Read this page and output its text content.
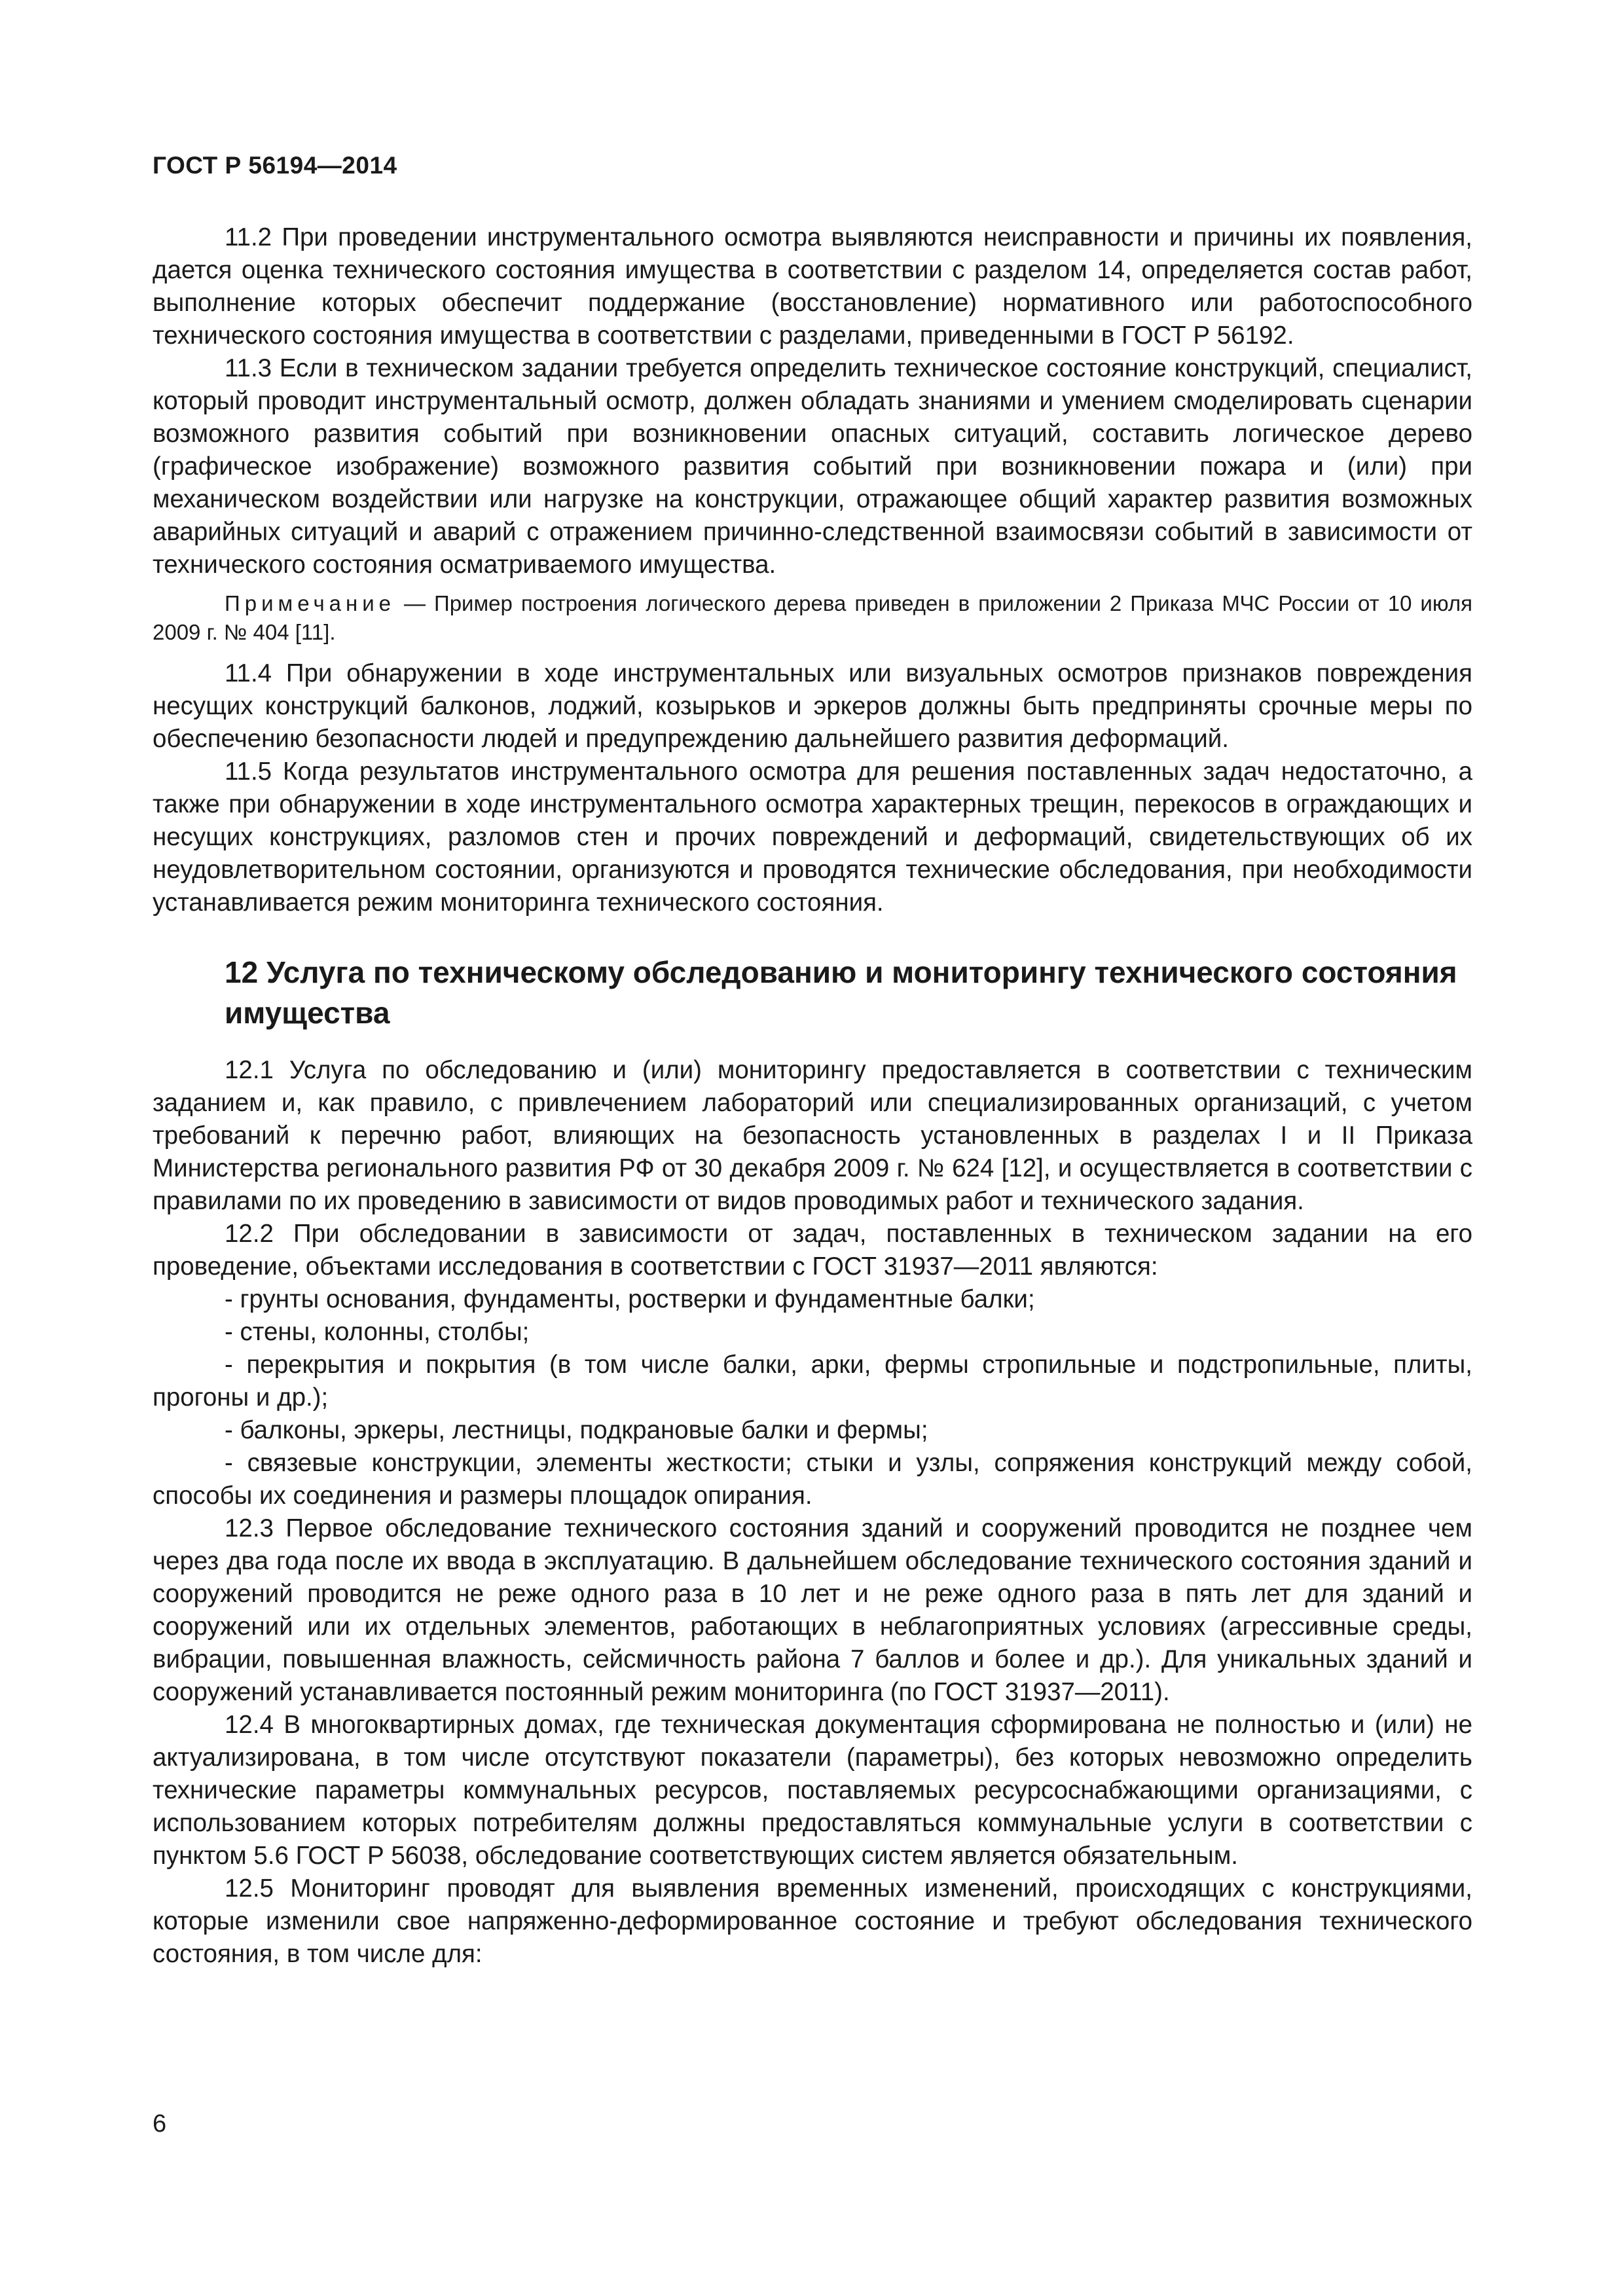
ГОСТ Р 56194—2014

11.2 При проведении инструментального осмотра выявляются неисправности и причины их появления, дается оценка технического состояния имущества в соответствии с разделом 14, определяется состав работ, выполнение которых обеспечит поддержание (восстановление) нормативного или работоспособного технического состояния имущества в соответствии с разделами, приведенными в ГОСТ Р 56192.

11.3 Если в техническом задании требуется определить техническое состояние конструкций, специалист, который проводит инструментальный осмотр, должен обладать знаниями и умением смоделировать сценарии возможного развития событий при возникновении опасных ситуаций, составить логическое дерево (графическое изображение) возможного развития событий при возникновении пожара и (или) при механическом воздействии или нагрузке на конструкции, отражающее общий характер развития возможных аварийных ситуаций и аварий с отражением причинно-следственной взаимосвязи событий в зависимости от технического состояния осматриваемого имущества.

Примечание — Пример построения логического дерева приведен в приложении 2 Приказа МЧС России от 10 июля 2009 г. № 404 [11].

11.4 При обнаружении в ходе инструментальных или визуальных осмотров признаков повреждения несущих конструкций балконов, лоджий, козырьков и эркеров должны быть предприняты срочные меры по обеспечению безопасности людей и предупреждению дальнейшего развития деформаций.

11.5 Когда результатов инструментального осмотра для решения поставленных задач недостаточно, а также при обнаружении в ходе инструментального осмотра характерных трещин, перекосов в ограждающих и несущих конструкциях, разломов стен и прочих повреждений и деформаций, свидетельствующих об их неудовлетворительном состоянии, организуются и проводятся технические обследования, при необходимости устанавливается режим мониторинга технического состояния.

12 Услуга по техническому обследованию и мониторингу технического состояния имущества

12.1 Услуга по обследованию и (или) мониторингу предоставляется в соответствии с техническим заданием и, как правило, с привлечением лабораторий или специализированных организаций, с учетом требований к перечню работ, влияющих на безопасность установленных в разделах I и II Приказа Министерства регионального развития РФ от 30 декабря 2009 г. № 624 [12], и осуществляется в соответствии с правилами по их проведению в зависимости от видов проводимых работ и технического задания.

12.2 При обследовании в зависимости от задач, поставленных в техническом задании на его проведение, объектами исследования в соответствии с ГОСТ 31937—2011 являются:

- грунты основания, фундаменты, ростверки и фундаментные балки;

- стены, колонны, столбы;

- перекрытия и покрытия (в том числе балки, арки, фермы стропильные и подстропильные, плиты, прогоны и др.);

- балконы, эркеры, лестницы, подкрановые балки и фермы;

- связевые конструкции, элементы жесткости; стыки и узлы, сопряжения конструкций между собой, способы их соединения и размеры площадок опирания.

12.3 Первое обследование технического состояния зданий и сооружений проводится не позднее чем через два года после их ввода в эксплуатацию. В дальнейшем обследование технического состояния зданий и сооружений проводится не реже одного раза в 10 лет и не реже одного раза в пять лет для зданий и сооружений или их отдельных элементов, работающих в неблагоприятных условиях (агрессивные среды, вибрации, повышенная влажность, сейсмичность района 7 баллов и более и др.). Для уникальных зданий и сооружений устанавливается постоянный режим мониторинга (по ГОСТ 31937—2011).

12.4 В многоквартирных домах, где техническая документация сформирована не полностью и (или) не актуализирована, в том числе отсутствуют показатели (параметры), без которых невозможно определить технические параметры коммунальных ресурсов, поставляемых ресурсоснабжающими организациями, с использованием которых потребителям должны предоставляться коммунальные услуги в соответствии с пунктом 5.6 ГОСТ Р 56038, обследование соответствующих систем является обязательным.

12.5 Мониторинг проводят для выявления временных изменений, происходящих с конструкциями, которые изменили свое напряженно-деформированное состояние и требуют обследования технического состояния, в том числе для:

6
